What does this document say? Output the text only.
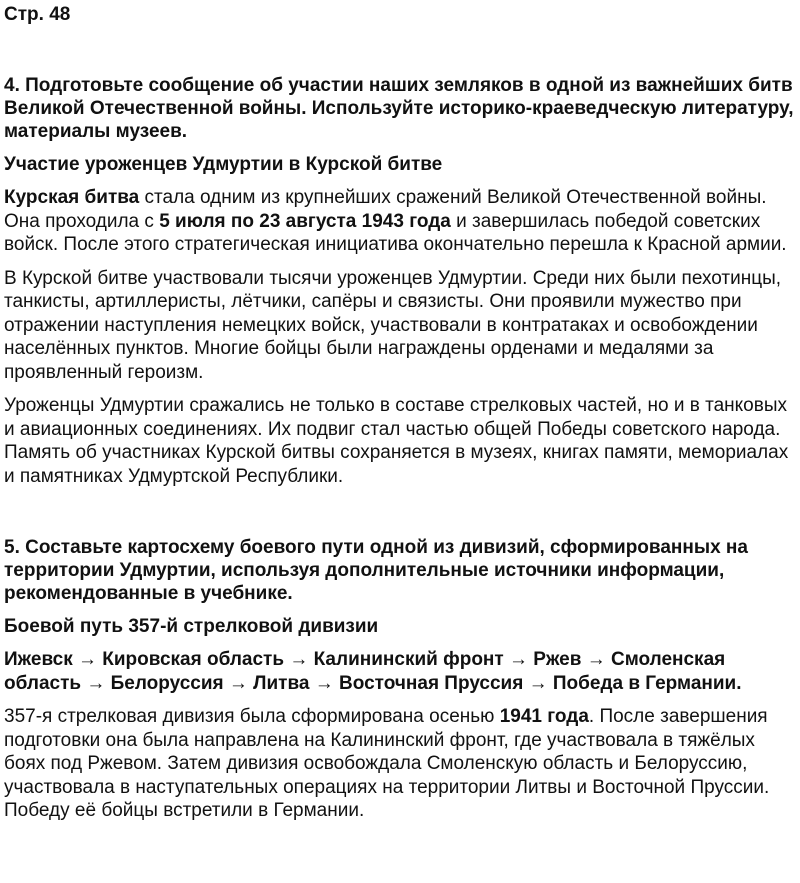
Стр. 48
4. Подготовьте сообщение об участии наших земляков в одной из важнейших битв Великой Отечественной войны. Используйте историко-краеведческую литературу, материалы музеев.
Участие уроженцев Удмуртии в Курской битве
Курская битва стала одним из крупнейших сражений Великой Отечественной войны. Она проходила с 5 июля по 23 августа 1943 года и завершилась победой советских войск. После этого стратегическая инициатива окончательно перешла к Красной армии.
В Курской битве участвовали тысячи уроженцев Удмуртии. Среди них были пехотинцы, танкисты, артиллеристы, лётчики, сапёры и связисты. Они проявили мужество при отражении наступления немецких войск, участвовали в контратаках и освобождении населённых пунктов. Многие бойцы были награждены орденами и медалями за проявленный героизм.
Уроженцы Удмуртии сражались не только в составе стрелковых частей, но и в танковых и авиационных соединениях. Их подвиг стал частью общей Победы советского народа. Память об участниках Курской битвы сохраняется в музеях, книгах памяти, мемориалах и памятниках Удмуртской Республики.
5. Составьте картосхему боевого пути одной из дивизий, сформированных на территории Удмуртии, используя дополнительные источники информации, рекомендованные в учебнике.
Боевой путь 357-й стрелковой дивизии
Ижевск → Кировская область → Калининский фронт → Ржев → Смоленская область → Белоруссия → Литва → Восточная Пруссия → Победа в Германии.
357-я стрелковая дивизия была сформирована осенью 1941 года. После завершения подготовки она была направлена на Калининский фронт, где участвовала в тяжёлых боях под Ржевом. Затем дивизия освобождала Смоленскую область и Белоруссию, участвовала в наступательных операциях на территории Литвы и Восточной Пруссии. Победу её бойцы встретили в Германии.
